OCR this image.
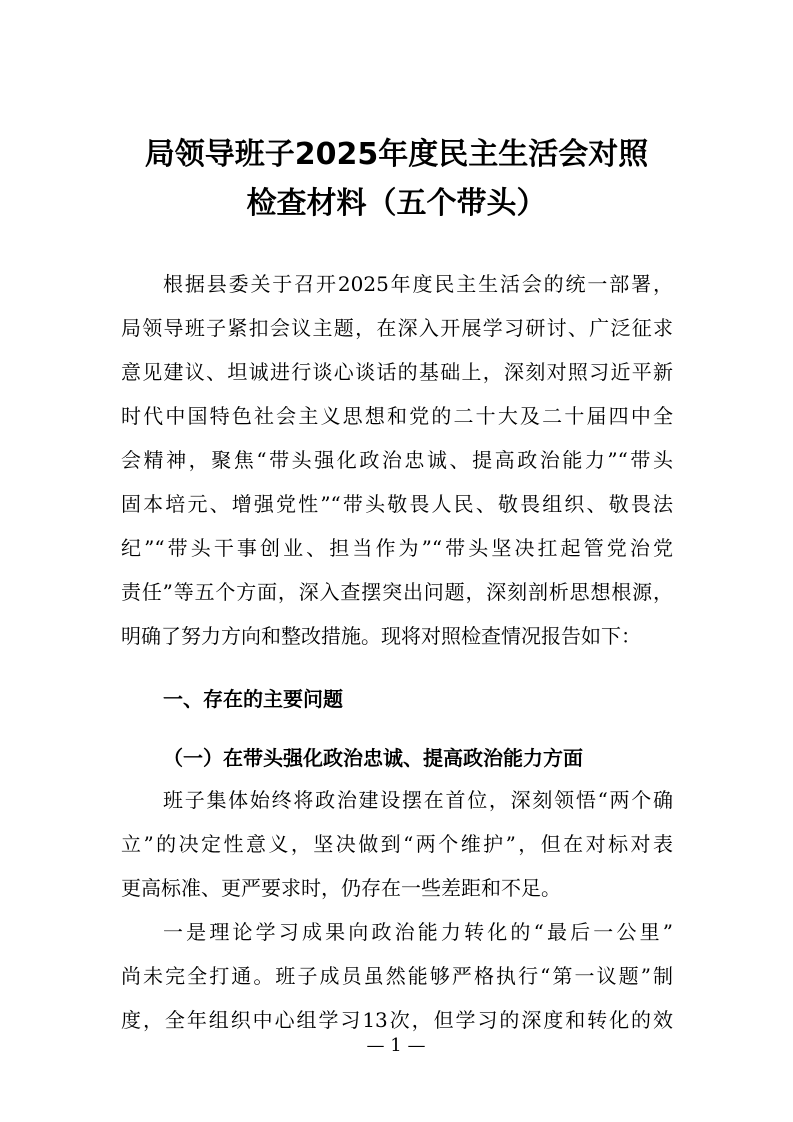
局领导班子2025年度民主生活会对照
检查材料（五个带头）
根据县委关于召开2025年度民主生活会的统一部署，
局领导班子紧扣会议主题，在深入开展学习研讨、广泛征求
意见建议、坦诚进行谈心谈话的基础上，深刻对照习近平新
时代中国特色社会主义思想和党的二十大及二十届四中全
会精神，聚焦“带头强化政治忠诚、提高政治能力”“带头
固本培元、增强党性”“带头敬畏人民、敬畏组织、敬畏法
纪”“带头干事创业、担当作为”“带头坚决扛起管党治党
责任”等五个方面，深入查摆突出问题，深刻剖析思想根源，
明确了努力方向和整改措施。现将对照检查情况报告如下：
一、存在的主要问题
（一）在带头强化政治忠诚、提高政治能力方面
班子集体始终将政治建设摆在首位，深刻领悟“两个确
立”的决定性意义，坚决做到“两个维护”，但在对标对表
更高标准、更严要求时，仍存在一些差距和不足。
一是理论学习成果向政治能力转化的“最后一公里”
尚未完全打通。班子成员虽然能够严格执行“第一议题”制
度，全年组织中心组学习13次，但学习的深度和转化的效
— 1 —
